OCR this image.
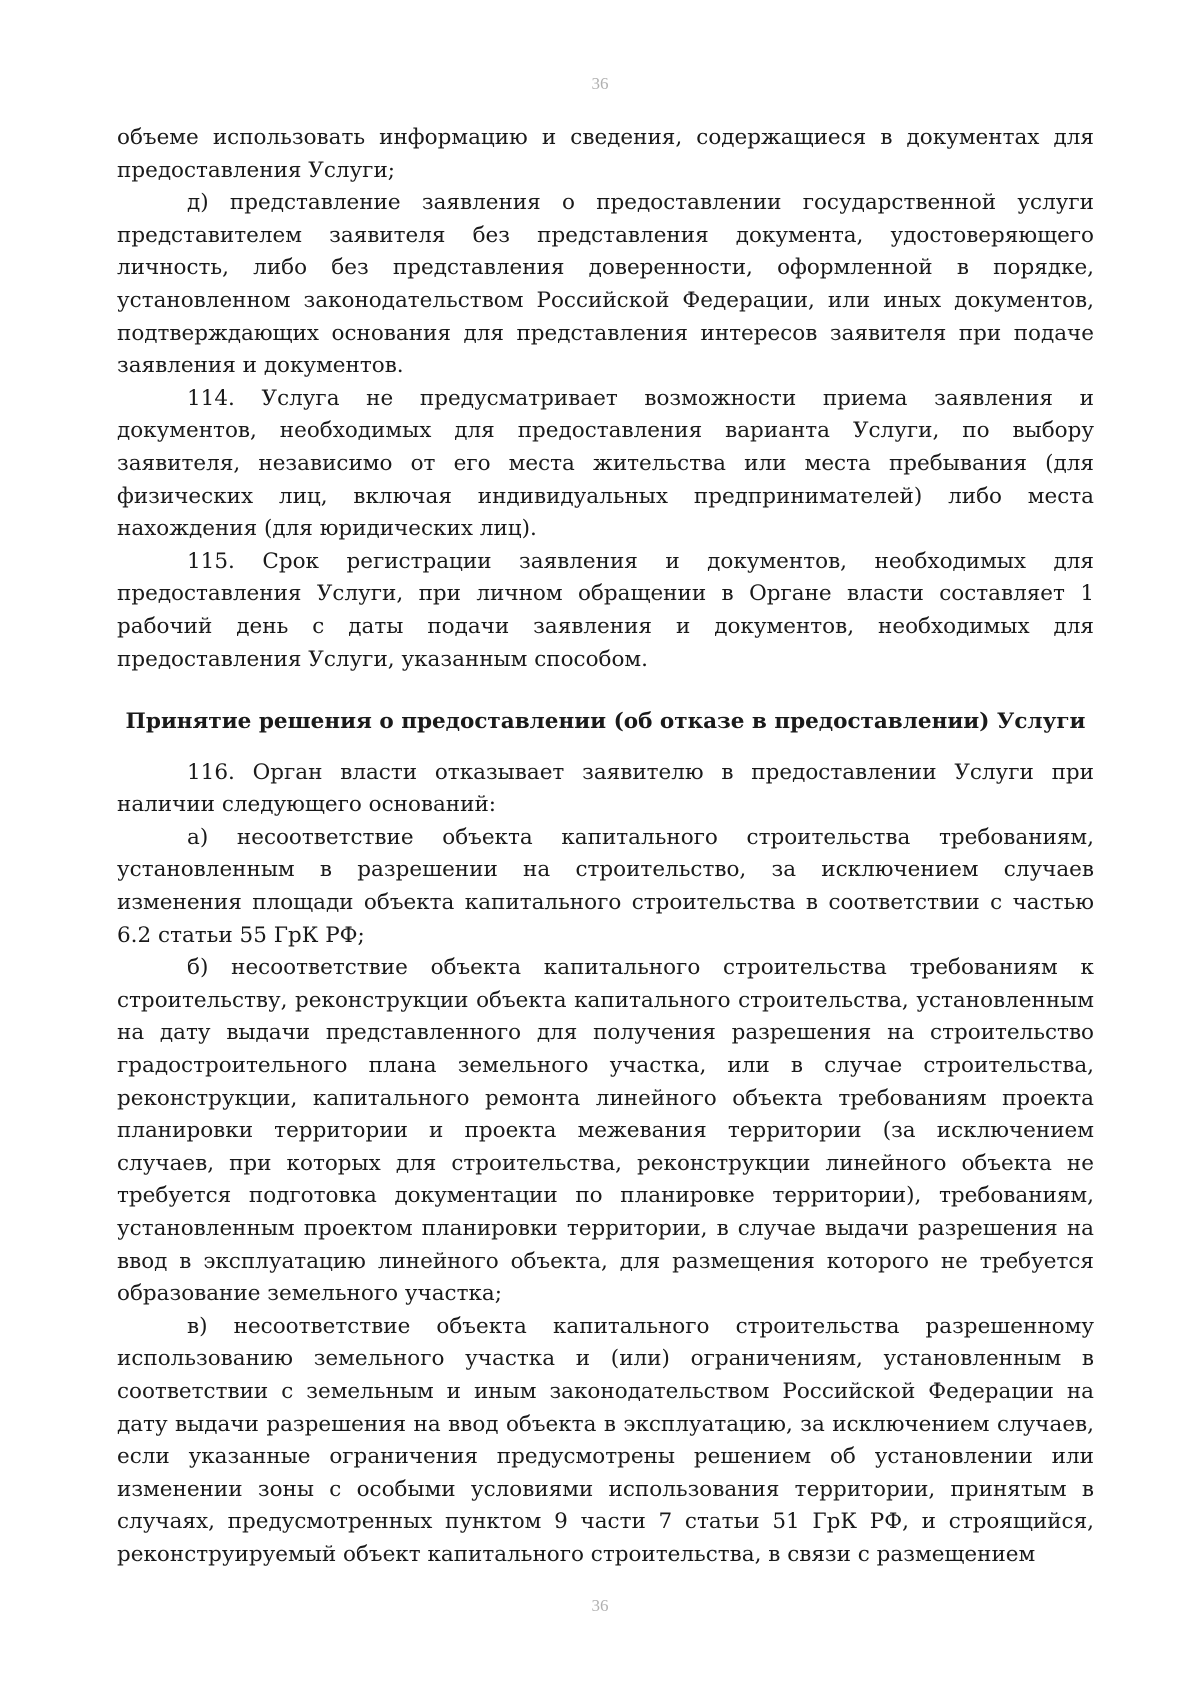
36

объеме использовать информацию и сведения, содержащиеся в документах для предоставления Услуги;

д) представление заявления о предоставлении государственной услуги представителем заявителя без представления документа, удостоверяющего личность, либо без представления доверенности, оформленной в порядке, установленном законодательством Российской Федерации, или иных документов, подтверждающих основания для представления интересов заявителя при подаче заявления и документов.

114. Услуга не предусматривает возможности приема заявления и документов, необходимых для предоставления варианта Услуги, по выбору заявителя, независимо от его места жительства или места пребывания (для физических лиц, включая индивидуальных предпринимателей) либо места нахождения (для юридических лиц).

115. Срок регистрации заявления и документов, необходимых для предоставления Услуги, при личном обращении в Органе власти составляет 1 рабочий день с даты подачи заявления и документов, необходимых для предоставления Услуги, указанным способом.

Принятие решения о предоставлении (об отказе в предоставлении) Услуги

116. Орган власти отказывает заявителю в предоставлении Услуги при наличии следующего оснований:

а) несоответствие объекта капитального строительства требованиям, установленным в разрешении на строительство, за исключением случаев изменения площади объекта капитального строительства в соответствии с частью 6.2 статьи 55 ГрК РФ;

б) несоответствие объекта капитального строительства требованиям к строительству, реконструкции объекта капитального строительства, установленным на дату выдачи представленного для получения разрешения на строительство градостроительного плана земельного участка, или в случае строительства, реконструкции, капитального ремонта линейного объекта требованиям проекта планировки территории и проекта межевания территории (за исключением случаев, при которых для строительства, реконструкции линейного объекта не требуется подготовка документации по планировке территории), требованиям, установленным проектом планировки территории, в случае выдачи разрешения на ввод в эксплуатацию линейного объекта, для размещения которого не требуется образование земельного участка;

в) несоответствие объекта капитального строительства разрешенному использованию земельного участка и (или) ограничениям, установленным в соответствии с земельным и иным законодательством Российской Федерации на дату выдачи разрешения на ввод объекта в эксплуатацию, за исключением случаев, если указанные ограничения предусмотрены решением об установлении или изменении зоны с особыми условиями использования территории, принятым в случаях, предусмотренных пунктом 9 части 7 статьи 51 ГрК РФ, и строящийся, реконструируемый объект капитального строительства, в связи с размещением

36
